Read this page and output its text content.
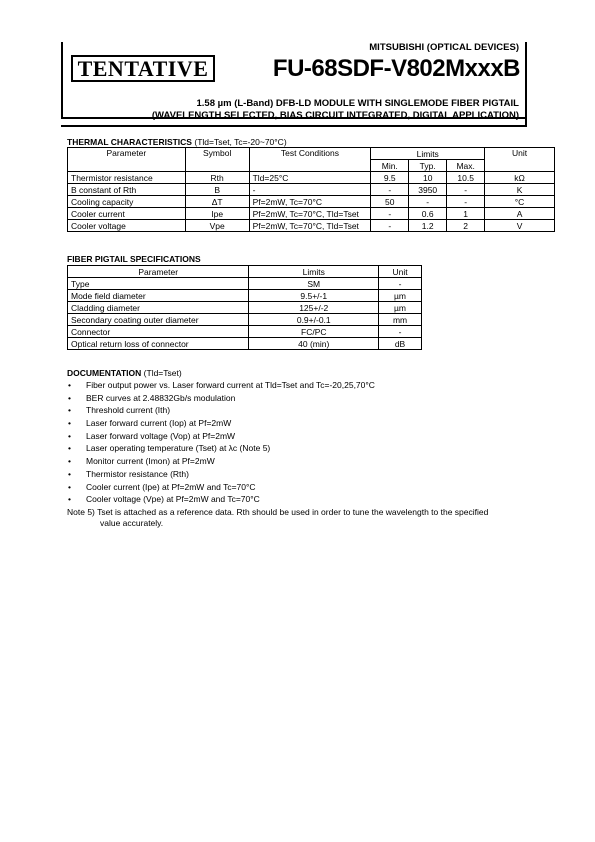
MITSUBISHI (OPTICAL DEVICES)
TENTATIVE	FU-68SDF-V802MxxxB
1.58 µm (L-Band) DFB-LD MODULE WITH SINGLEMODE FIBER PIGTAIL
(WAVELENGTH SELECTED, BIAS CIRCUIT INTEGRATED, DIGITAL APPLICATION)
THERMAL CHARACTERISTICS (Tld=Tset, Tc=-20~70°C)
Parameter	Symbol	Test Conditions	Limits			Unit
			Min.	Typ.	Max.	
Thermistor resistance	Rth	Tld=25°C	9.5	10	10.5	kΩ
B constant of Rth	B	-	-	3950	-	K
Cooling capacity	ΔT	Pf=2mW, Tc=70°C	50	-	-	°C
Cooler current	Ipe	Pf=2mW, Tc=70°C, Tld=Tset	-	0.6	1	A
Cooler voltage	Vpe	Pf=2mW, Tc=70°C, Tld=Tset	-	1.2	2	V
FIBER PIGTAIL SPECIFICATIONS
Parameter	Limits	Unit
Type	SM	-
Mode field diameter	9.5+/-1	µm
Cladding diameter	125+/-2	µm
Secondary coating outer diameter	0.9+/-0.1	mm
Connector	FC/PC	-
Optical return loss of connector	40 (min)	dB
DOCUMENTATION (Tld=Tset)
• Fiber output power vs. Laser forward current at Tld=Tset and Tc=-20,25,70°C
• BER curves at 2.48832Gb/s modulation
• Threshold current (Ith)
• Laser forward current (Iop) at Pf=2mW
• Laser forward voltage (Vop) at Pf=2mW
• Laser operating temperature (Tset) at λc (Note 5)
• Monitor current (Imon) at Pf=2mW
• Thermistor resistance (Rth)
• Cooler current (Ipe) at Pf=2mW and Tc=70°C
• Cooler voltage (Vpe) at Pf=2mW and Tc=70°C
Note 5) Tset is attached as a reference data. Rth should be used in order to tune the wavelength to the specified
value accurately.
